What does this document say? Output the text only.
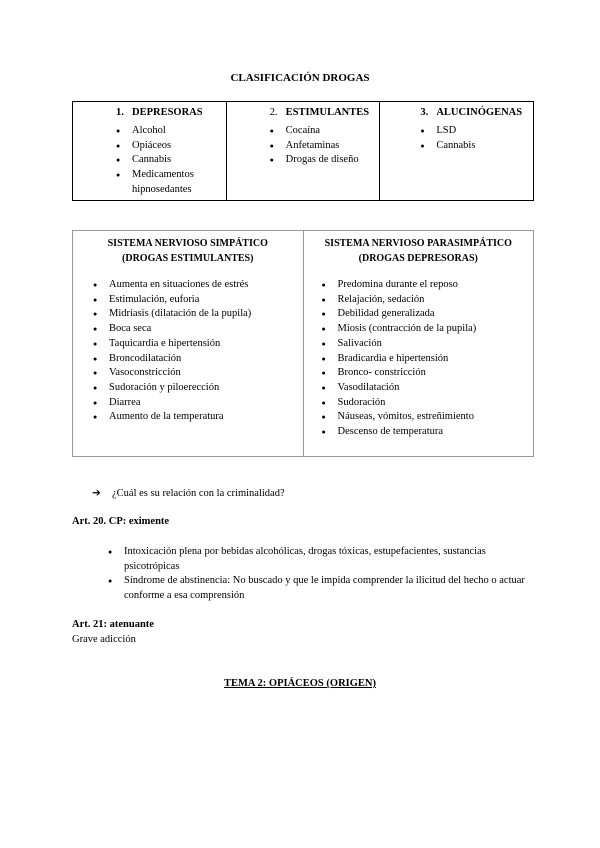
CLASIFICACIÓN DROGAS
1. DEPRESORAS
● Alcohol
● Opiáceos
● Cannabis
● Medicamentos hipnosedantes
2. ESTIMULANTES
● Cocaína
● Anfetaminas
● Drogas de diseño
3. ALUCINÓGENAS
● LSD
● Cannabis
SISTEMA NERVIOSO SIMPÁTICO
(DROGAS ESTIMULANTES)
● Aumenta en situaciones de estrés
● Estimulación, euforia
● Midriasis (dilatación de la pupila)
● Boca seca
● Taquicardia e hipertensión
● Broncodilatación
● Vasoconstricción
● Sudoración y piloerección
● Diarrea
● Aumento de la temperatura
SISTEMA NERVIOSO PARASIMPÁTICO
(DROGAS DEPRESORAS)
● Predomina durante el reposo
● Relajación, sedación
● Debilidad generalizada
● Miosis (contracción de la pupila)
● Salivación
● Bradicardia e hipertensión
● Bronco- constricción
● Vasodilatación
● Sudoración
● Náuseas, vómitos, estreñimiento
● Descenso de temperatura
➔ ¿Cuál es su relación con la criminalidad?
Art. 20. CP: eximente
● Intoxicación plena por bebidas alcohólicas, drogas tóxicas, estupefacientes, sustancias psicotrópicas
● Síndrome de abstinencia: No buscado y que le impida comprender la ilicitud del hecho o actuar conforme a esa comprensión
Art. 21: atenuante
Grave adicción
TEMA 2: OPIÁCEOS (ORIGEN)
